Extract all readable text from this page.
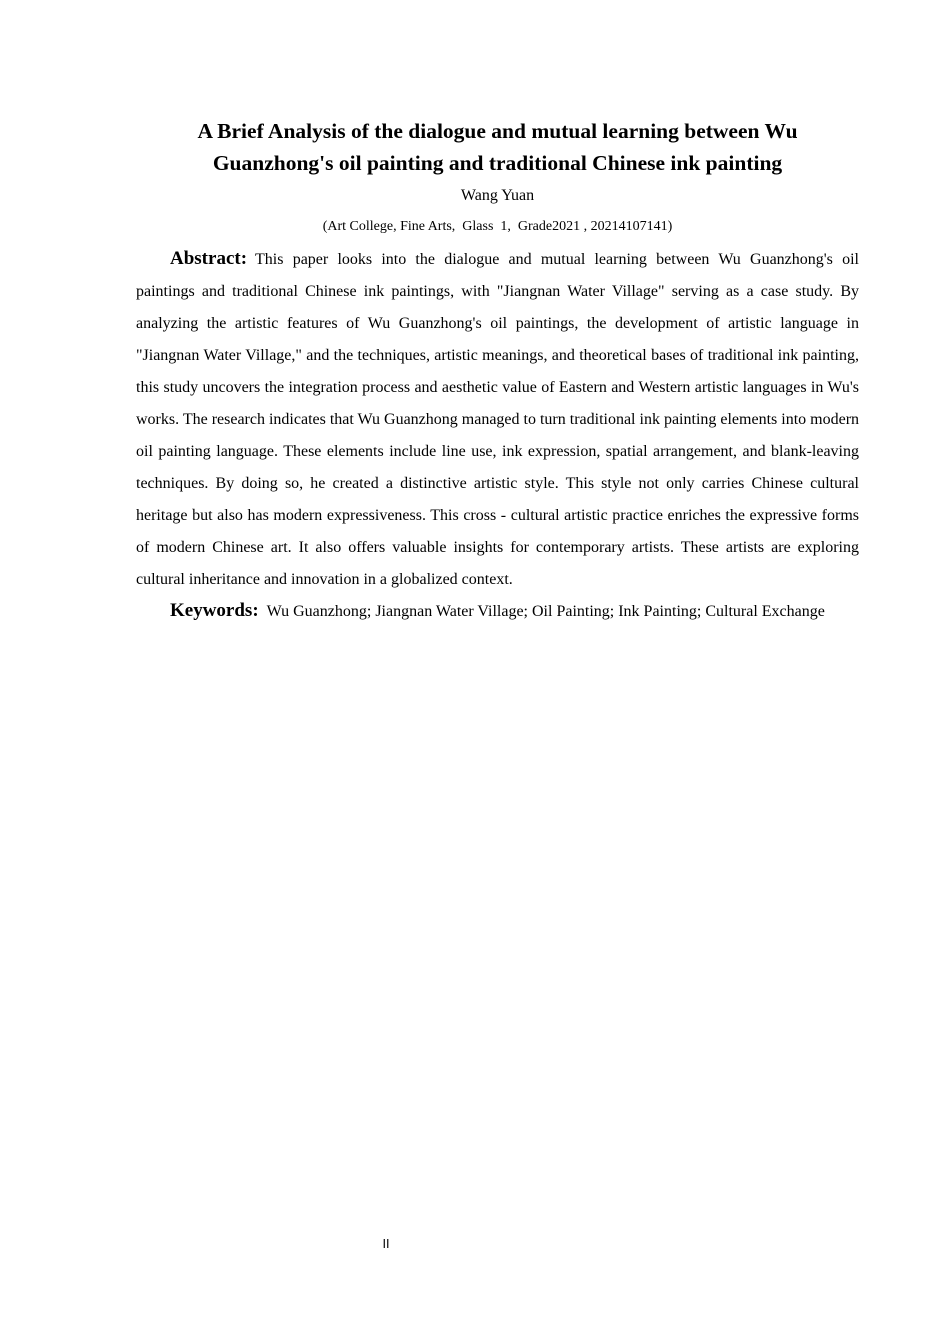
A Brief Analysis of the dialogue and mutual learning between Wu Guanzhong's oil painting and traditional Chinese ink painting
Wang Yuan
(Art College, Fine Arts,  Glass  1,  Grade2021 , 20214107141)

Abstract: This paper looks into the dialogue and mutual learning between Wu Guanzhong's oil paintings and traditional Chinese ink paintings, with "Jiangnan Water Village" serving as a case study. By analyzing the artistic features of Wu Guanzhong's oil paintings, the development of artistic language in "Jiangnan Water Village," and the techniques, artistic meanings, and theoretical bases of traditional ink painting, this study uncovers the integration process and aesthetic value of Eastern and Western artistic languages in Wu's works. The research indicates that Wu Guanzhong managed to turn traditional ink painting elements into modern oil painting language. These elements include line use, ink expression, spatial arrangement, and blank-leaving techniques. By doing so, he created a distinctive artistic style. This style not only carries Chinese cultural heritage but also has modern expressiveness. This cross - cultural artistic practice enriches the expressive forms of modern Chinese art. It also offers valuable insights for contemporary artists. These artists are exploring cultural inheritance and innovation in a globalized context.

Keywords: Wu Guanzhong; Jiangnan Water Village; Oil Painting; Ink Painting; Cultural Exchange

II
